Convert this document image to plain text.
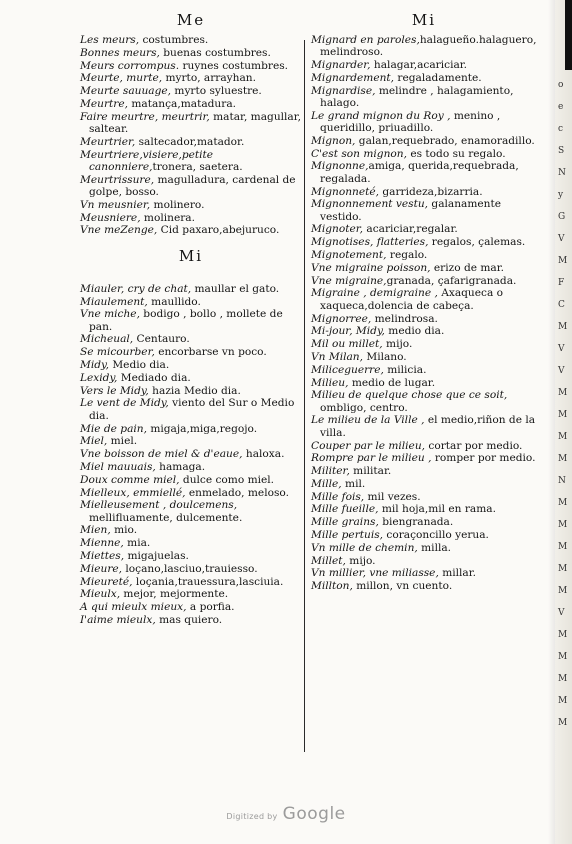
Me

Les meurs, costumbres.

Bonnes meurs, buenas costumbres.

Meurs corrompus. ruynes costumbres.

Meurte, murte, myrto, arrayhan.

Meurte sauuage, myrto syluestre.

Meurtre, matança,matadura.

Faire meurtre, meurtrir, matar, magullar, saltear.

Meurtrier, saltecador,matador.

Meurtriere,visiere,petite canonniere,tronera, saetera.

Meurtrissure, magulladura, cardenal de golpe, bosso.

Vn meusnier, molinero.

Meusniere, molinera.

Vne meZenge, Cid paxaro,abejuruco.

Mi

Miauler, cry de chat, maullar el gato.

Miaulement, maullido.

Vne miche, bodigo , bollo , mollete de pan.

Micheual, Centauro.

Se micourber, encorbarse vn poco.

Midy, Medio dia.

Lexidy, Mediado dia.

Vers le Midy, hazia Medio dia.

Le vent de Midy, viento del Sur o Medio dia.

Mie de pain, migaja,miga,regojo.

Miel, miel.

Vne boisson de miel & d'eaue, haloxa.

Miel mauuais, hamaga.

Doux comme miel, dulce como miel.

Mielleux, emmiellé, enmelado, meloso.

Mielleusement , doulcemens, mellifluamente, dulcemente.

Mien, mio.

Mienne, mia.

Miettes, migajuelas.

Mieure, loçano,lasciuo,trauiesso.

Mieureté, loçania,trauessura,lasciuia.

Mieulx, mejor, mejormente.

A qui mieulx mieux, a porfia.

I'aime mieulx, mas quiero.

Mi

Mignard en paroles,halagueño.halaguero, melindroso.

Mignarder, halagar,acariciar.

Mignardement, regaladamente.

Mignardise, melindre , halagamiento, halago.

Le grand mignon du Roy , menino , queridillo, priuadillo.

Mignon, galan,requebrado, enamoradillo.

C'est son mignon, es todo su regalo.

Mignonne,amiga, querida,requebrada, regalada.

Mignonneté, garrideza,bizarria.

Mignonnement vestu, galanamente vestido.

Mignoter, acariciar,regalar.

Mignotises, flatteries, regalos, çalemas.

Mignotement, regalo.

Vne migraine poisson, erizo de mar.

Vne migraine,granada, çafarigranada.

Migraine , demigraine , Axaqueca o xaqueca,dolencia de cabeça.

Mignorree, melindrosa.

Mi-jour, Midy, medio dia.

Mil ou millet, mijo.

Vn Milan, Milano.

Miliceguerre, milicia.

Milieu, medio de lugar.

Milieu de quelque chose que ce soit, ombligo, centro.

Le milieu de la Ville , el medio,riñon de la villa.

Couper par le milieu, cortar por medio.

Rompre par le milieu , romper por medio.

Militer, militar.

Mille, mil.

Mille fois, mil vezes.

Mille fueille, mil hoja,mil en rama.

Mille grains, biengranada.

Mille pertuis, coraçoncillo yerua.

Vn mille de chemin, milla.

Millet, mijo.

Vn millier, vne miliasse, millar.

Millton, millon, vn cuento.

o
e
c
S
N
y
G
V
M
F
C
M
V
V
M
M
M
M
N
M
M
M
M
M
V
M
M
M
M
M
Digitized by Google
